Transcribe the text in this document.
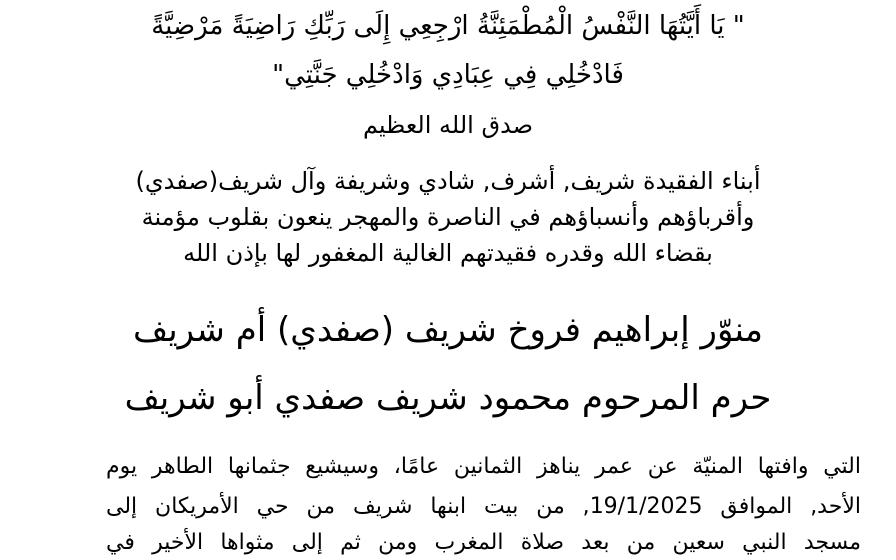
" يَا أَيَّتُهَا النَّفْسُ الْمُطْمَئِنَّةُ ارْجِعِي إِلَى رَبِّكِ رَاضِيَةً مَرْضِيَّةً
فَادْخُلِي فِي عِبَادِي وَادْخُلِي جَنَّتِي"
صدق الله العظيم
أبناء الفقيدة شريف, أشرف, شادي وشريفة وآل شريف(صفدي)
وأقرباؤهم وأنسباؤهم في الناصرة والمهجر ينعون بقلوب مؤمنة
بقضاء الله وقدره فقيدتهم الغالية المغفور لها بإذن الله
منوّر إبراهيم فروخ شريف (صفدي) أم شريف
حرم المرحوم محمود شريف صفدي أبو شريف
التي وافتها المنيّة عن عمر يناهز الثمانين عامًا، وسيشيع جثمانها الطاهر يوم
الأحد, الموافق 19/1/2025, من بيت ابنها شريف من حي الأمريكان إلى
مسجد النبي سعين من بعد صلاة المغرب ومن ثم إلى مثواها الأخير في
